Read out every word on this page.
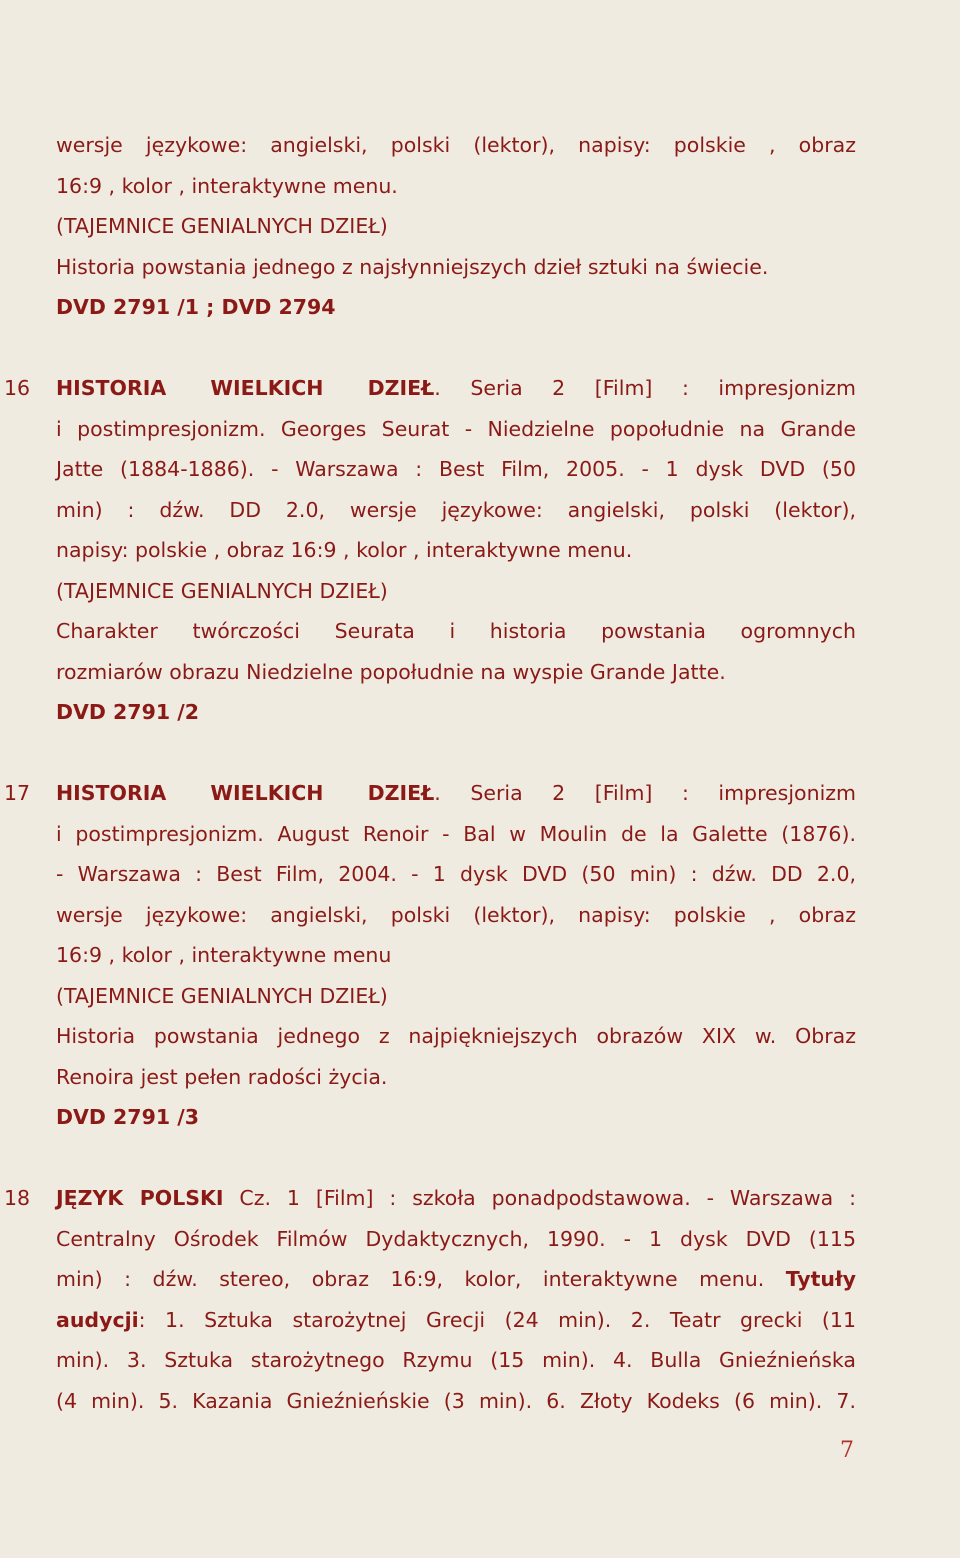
wersje językowe: angielski, polski (lektor), napisy: polskie , obraz
16:9 , kolor , interaktywne menu.
(TAJEMNICE GENIALNYCH DZIEŁ)
Historia powstania jednego z najsłynniejszych dzieł sztuki na świecie.
DVD 2791 /1 ; DVD 2794
16 HISTORIA WIELKICH DZIEŁ. Seria 2 [Film] : impresjonizm
i postimpresjonizm. Georges Seurat - Niedzielne popołudnie na Grande
Jatte (1884-1886). - Warszawa : Best Film, 2005. - 1 dysk DVD (50
min) : dźw. DD 2.0, wersje językowe: angielski, polski (lektor),
napisy: polskie , obraz 16:9 , kolor , interaktywne menu.
(TAJEMNICE GENIALNYCH DZIEŁ)
Charakter twórczości Seurata i historia powstania ogromnych
rozmiarów obrazu Niedzielne popołudnie na wyspie Grande Jatte.
DVD 2791 /2
17 HISTORIA WIELKICH DZIEŁ. Seria 2 [Film] : impresjonizm
i postimpresjonizm. August Renoir - Bal w Moulin de la Galette (1876).
- Warszawa : Best Film, 2004. - 1 dysk DVD (50 min) : dźw. DD 2.0,
wersje językowe: angielski, polski (lektor), napisy: polskie , obraz
16:9 , kolor , interaktywne menu
(TAJEMNICE GENIALNYCH DZIEŁ)
Historia powstania jednego z najpiękniejszych obrazów XIX w. Obraz
Renoira jest pełen radości życia.
DVD 2791 /3
18 JĘZYK POLSKI Cz. 1 [Film] : szkoła ponadpodstawowa. - Warszawa :
Centralny Ośrodek Filmów Dydaktycznych, 1990. - 1 dysk DVD (115
min) : dźw. stereo, obraz 16:9, kolor, interaktywne menu. Tytuły
audycji: 1. Sztuka starożytnej Grecji (24 min). 2. Teatr grecki (11
min). 3. Sztuka starożytnego Rzymu (15 min). 4. Bulla Gnieźnieńska
(4 min). 5. Kazania Gnieźnieńskie (3 min). 6. Złoty Kodeks (6 min). 7.
7
